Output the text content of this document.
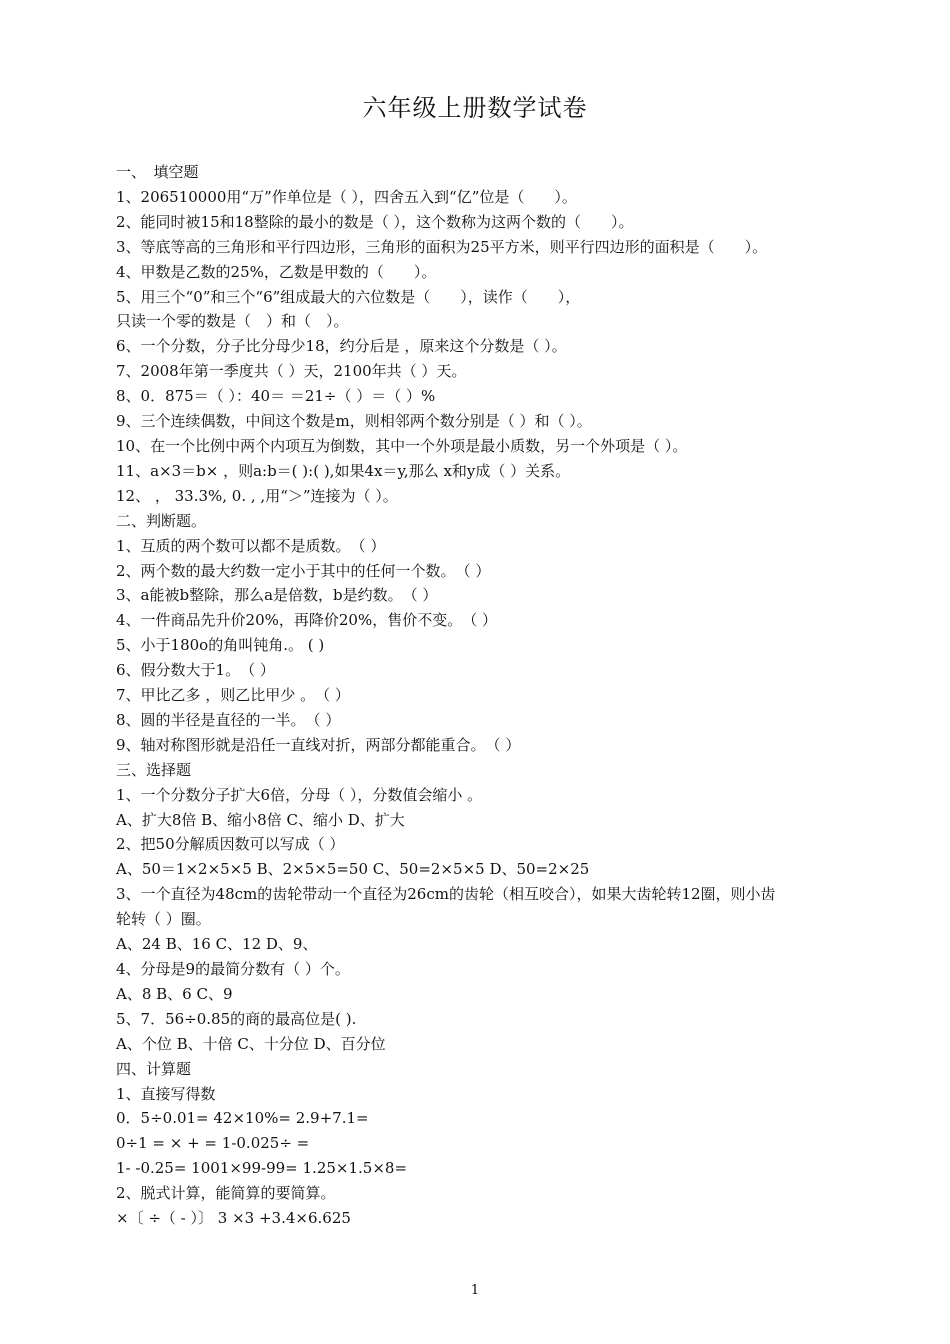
六年级上册数学试卷
一、　填空题
1、206510000用“万”作单位是（ ），四舍五入到“亿”位是（　　）。
2、能同时被15和18整除的最小的数是（ ），这个数称为这两个数的（　　）。
3、等底等高的三角形和平行四边形，三角形的面积为25平方米，则平行四边形的面积是（　　）。
4、甲数是乙数的25%，乙数是甲数的（　　）。
5、用三个“0”和三个“6”组成最大的六位数是（　　），读作（　　），
只读一个零的数是（　）和（　）。
6、一个分数，分子比分母少18，约分后是 ，原来这个分数是（ ）。
7、2008年第一季度共（ ）天，2100年共（ ）天。
8、0．875＝（ ）：40＝ ＝21÷（ ）＝（ ）%
9、三个连续偶数，中间这个数是m，则相邻两个数分别是（ ）和（ ）。
10、在一个比例中两个内项互为倒数，其中一个外项是最小质数，另一个外项是（ ）。
11、a×3＝b× ，则a:b＝( ):( ),如果4x＝y,那么 x和y成（ ）关系。
12、 ， 33.3%, 0. , ,用“＞”连接为（ ）。
二、判断题。
1、互质的两个数可以都不是质数。　（ ）
2、两个数的最大约数一定小于其中的任何一个数。　（ ）
3、a能被b整除，那么a是倍数，b是约数。　（ ）
4、一件商品先升价20%，再降价20%，售价不变。　（ ）
5、小于180o的角叫钝角.。 ( )
6、假分数大于1。　（ ）
7、甲比乙多 ，则乙比甲少 。　（ ）
8、圆的半径是直径的一半。　（ ）
9、轴对称图形就是沿任一直线对折，两部分都能重合。　（ ）
三、选择题
1、一个分数分子扩大6倍，分母（ ），分数值会缩小 。
A、扩大8倍 B、缩小8倍 C、缩小 D、扩大
2、把50分解质因数可以写成（ ）
A、50＝1×2×5×5 B、2×5×5=50 C、50=2×5×5 D、50=2×25
3、一个直径为48cm的齿轮带动一个直径为26cm的齿轮（相互咬合），如果大齿轮转12圈，则小齿
轮转（ ）圈。
A、24 B、16 C、12 D、9、
4、分母是9的最简分数有（ ）个。
A、8 B、6 C、9
5、7．56÷0.85的商的最高位是( ).
A、个位 B、十倍 C、十分位 D、百分位
四、计算题
1、直接写得数
0．5÷0.01= 42×10%= 2.9+7.1=
0÷1 = × + = 1-0.025÷ =
1- -0.25= 1001×99-99= 1.25×1.5×8=
2、脱式计算，能简算的要简算。
×〔 ÷（ - ）〕 3 ×3 +3.4×6.625
1
